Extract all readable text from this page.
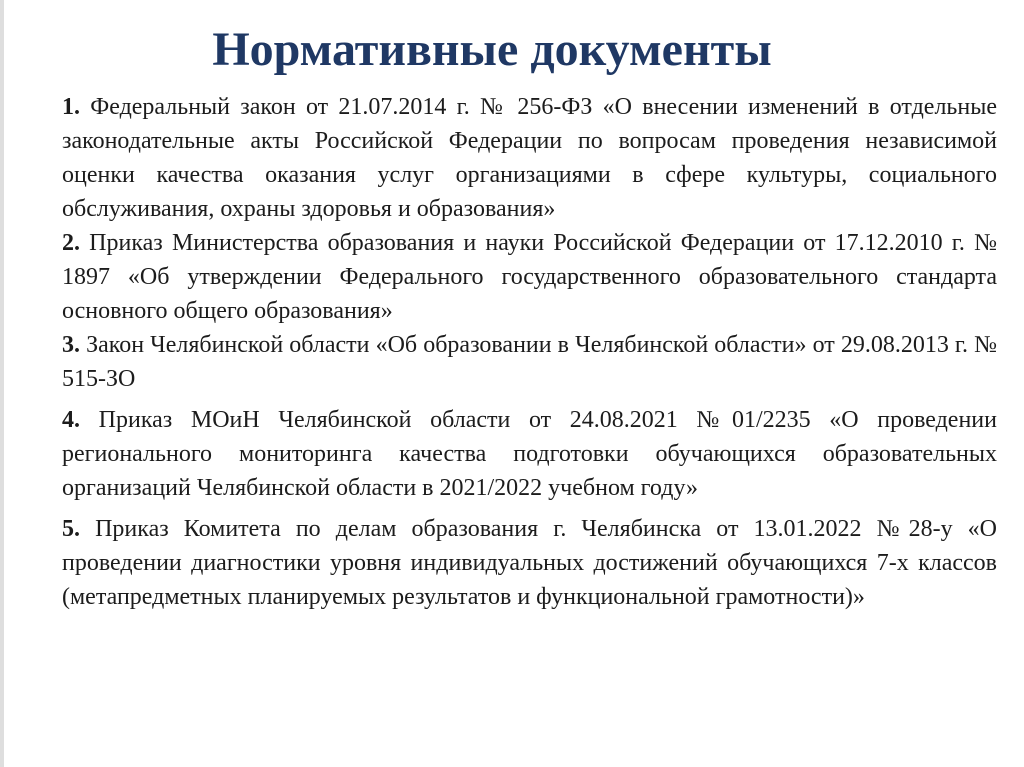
Нормативные документы

1. Федеральный закон от 21.07.2014 г. № 256-ФЗ «О внесении изменений в отдельные законодательные акты Российской Федерации по вопросам проведения независимой оценки качества оказания услуг организациями в сфере культуры, социального обслуживания, охраны здоровья и образования»

2. Приказ Министерства образования и науки Российской Федерации от 17.12.2010 г. № 1897 «Об утверждении Федерального государственного образовательного стандарта основного общего образования»

3. Закон Челябинской области «Об образовании в Челябинской области» от 29.08.2013 г. № 515-ЗО

4. Приказ МОиН Челябинской области от 24.08.2021 №01/2235 «О проведении регионального мониторинга качества подготовки обучающихся образовательных организаций Челябинской области в 2021/2022 учебном году»

5. Приказ Комитета по делам образования г. Челябинска от 13.01.2022 №28-у «О проведении диагностики уровня индивидуальных достижений обучающихся 7-х классов (метапредметных планируемых результатов и функциональной грамотности)»
